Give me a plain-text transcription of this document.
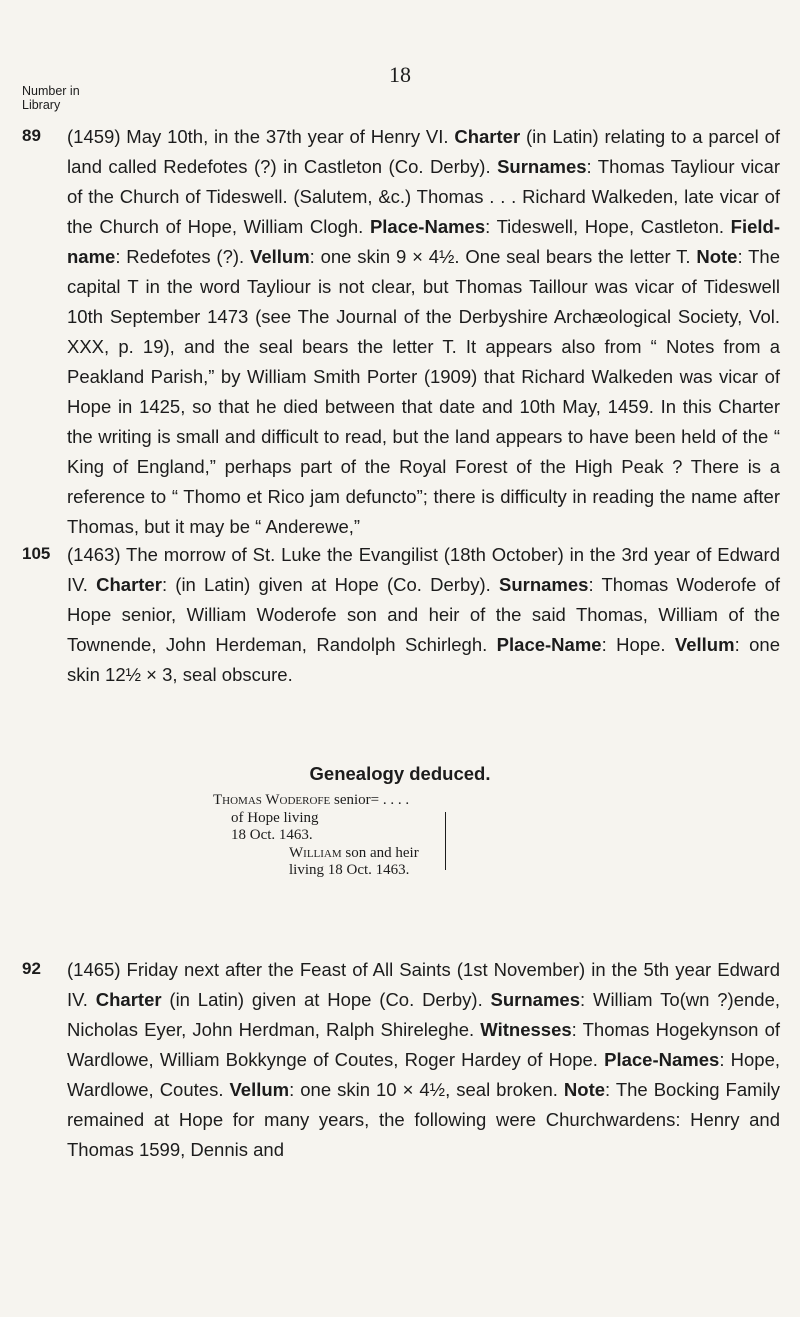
18
Number in
Library
89 (1459) May 10th, in the 37th year of Henry VI. Charter (in Latin) relating to a parcel of land called Redefotes (?) in Castleton (Co. Derby). Surnames: Thomas Tayliour vicar of the Church of Tideswell. (Salutem, &c.) Thomas . . . Richard Walkeden, late vicar of the Church of Hope, William Clogh. Place-Names: Tideswell, Hope, Castleton. Field-name: Redefotes (?). Vellum: one skin 9 × 4½. One seal bears the letter T. Note: The capital T in the word Tayliour is not clear, but Thomas Taillour was vicar of Tideswell 10th September 1473 (see The Journal of the Derbyshire Archæological Society, Vol. XXX, p. 19), and the seal bears the letter T. It appears also from “ Notes from a Peakland Parish,” by William Smith Porter (1909) that Richard Walkeden was vicar of Hope in 1425, so that he died between that date and 10th May, 1459. In this Charter the writing is small and difficult to read, but the land appears to have been held of the “ King of England,” perhaps part of the Royal Forest of the High Peak ? There is a reference to “ Thomo et Rico jam defuncto”; there is difficulty in reading the name after Thomas, but it may be “ Anderewe,”

105 (1463) The morrow of St. Luke the Evangilist (18th October) in the 3rd year of Edward IV. Charter: (in Latin) given at Hope (Co. Derby). Surnames: Thomas Woderofe of Hope senior, William Woderofe son and heir of the said Thomas, William of the Townende, John Herdeman, Randolph Schirlegh. Place-Name: Hope. Vellum: one skin 12½ × 3, seal obscure.

Genealogy deduced.
Thomas Woderofe senior= . . . .
of Hope living
18 Oct. 1463.
William son and heir
living 18 Oct. 1463.
92 (1465) Friday next after the Feast of All Saints (1st November) in the 5th year Edward IV. Charter (in Latin) given at Hope (Co. Derby). Surnames: William To(wn ?)ende, Nicholas Eyer, John Herdman, Ralph Shireleghe. Witnesses: Thomas Hogekynson of Wardlowe, William Bokkynge of Coutes, Roger Hardey of Hope. Place-Names: Hope, Wardlowe, Coutes. Vellum: one skin 10 × 4½, seal broken. Note: The Bocking Family remained at Hope for many years, the following were Churchwardens: Henry and Thomas 1599, Dennis and
